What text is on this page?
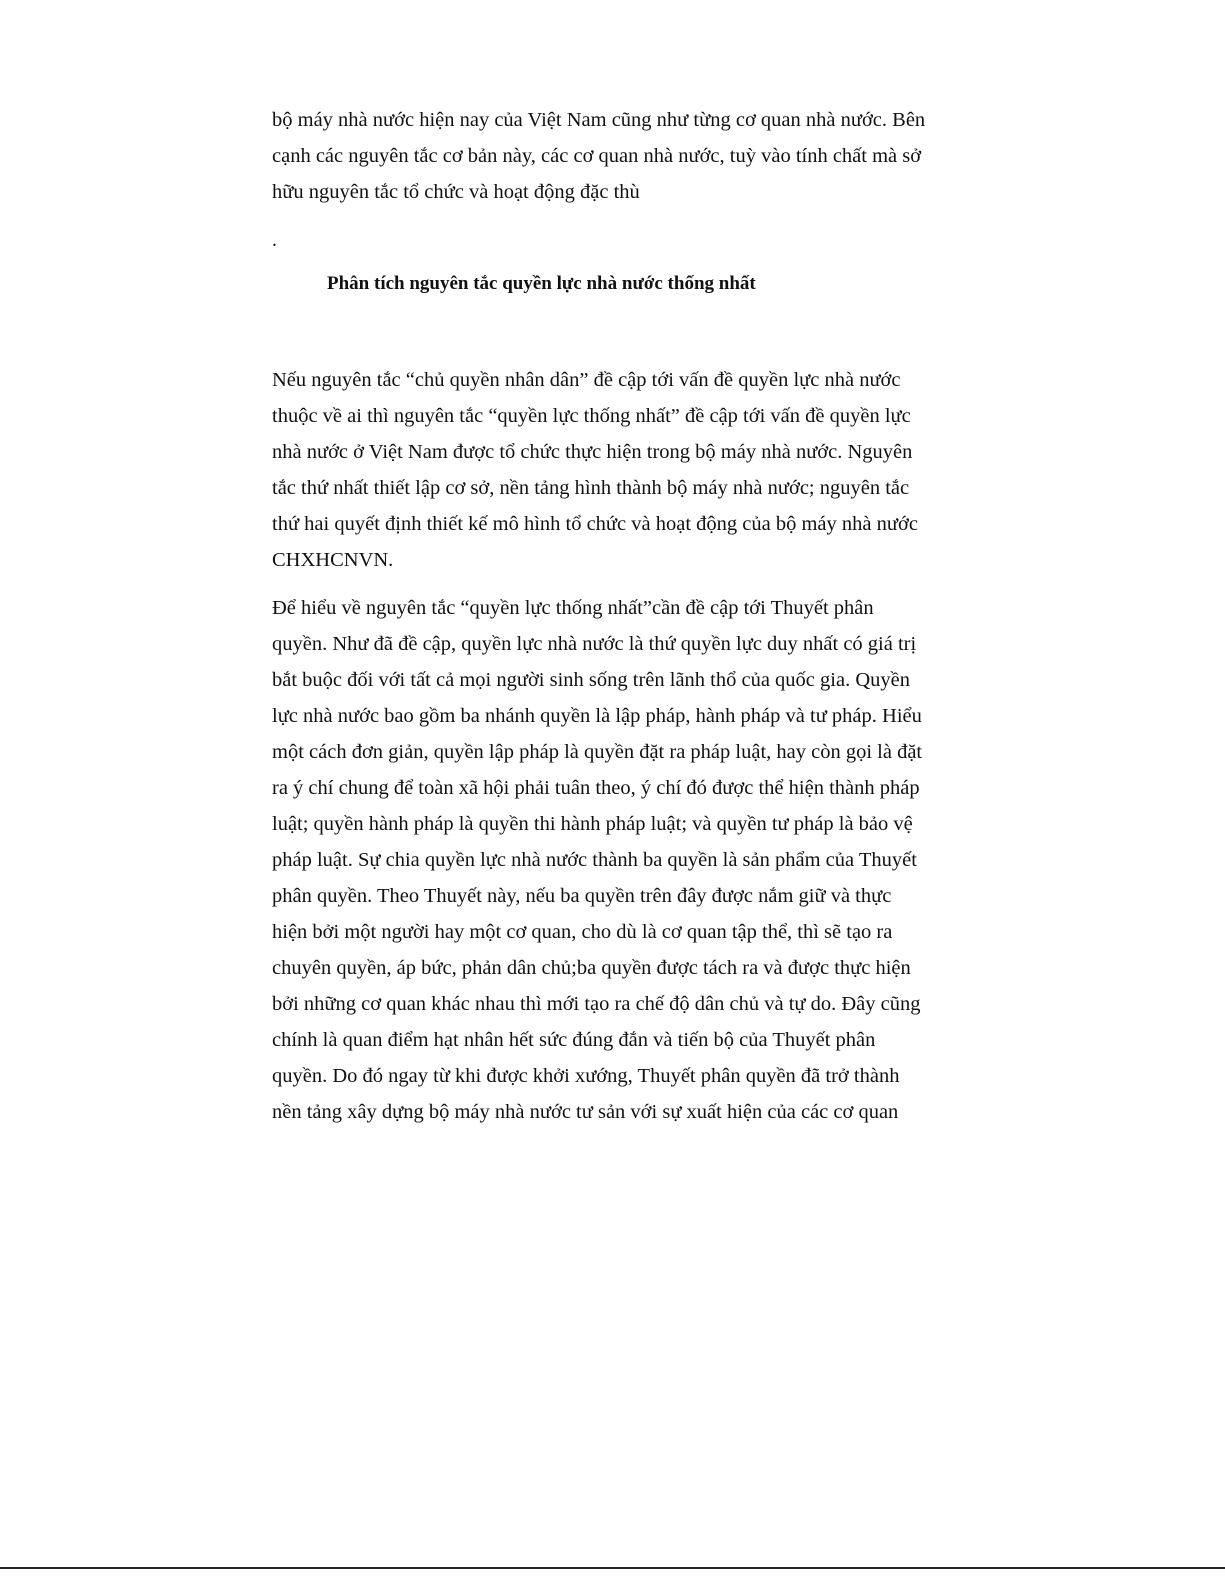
bộ máy nhà nước hiện nay của Việt Nam cũng như từng cơ quan nhà nước. Bên
cạnh các nguyên tắc cơ bản này, các cơ quan nhà nước, tuỳ vào tính chất mà sở
hữu nguyên tắc tổ chức và hoạt động đặc thù
.
Phân tích nguyên tắc quyền lực nhà nước thống nhất
Nếu nguyên tắc “chủ quyền nhân dân” đề cập tới vấn đề quyền lực nhà nước
thuộc về ai thì nguyên tắc “quyền lực thống nhất” đề cập tới vấn đề quyền lực
nhà nước ở Việt Nam được tổ chức thực hiện trong bộ máy nhà nước. Nguyên
tắc thứ nhất thiết lập cơ sở, nền tảng hình thành bộ máy nhà nước; nguyên tắc
thứ hai quyết định thiết kế mô hình tổ chức và hoạt động của bộ máy nhà nước
CHXHCNVN.
Để hiểu về nguyên tắc “quyền lực thống nhất”cần đề cập tới Thuyết phân
quyền. Như đã đề cập, quyền lực nhà nước là thứ quyền lực duy nhất có giá trị
bắt buộc đối với tất cả mọi người sinh sống trên lãnh thổ của quốc gia. Quyền
lực nhà nước bao gồm ba nhánh quyền là lập pháp, hành pháp và tư pháp. Hiểu
một cách đơn giản, quyền lập pháp là quyền đặt ra pháp luật, hay còn gọi là đặt
ra ý chí chung để toàn xã hội phải tuân theo, ý chí đó được thể hiện thành pháp
luật; quyền hành pháp là quyền thi hành pháp luật; và quyền tư pháp là bảo vệ
pháp luật. Sự chia quyền lực nhà nước thành ba quyền là sản phẩm của Thuyết
phân quyền. Theo Thuyết này, nếu ba quyền trên đây được nắm giữ và thực
hiện bởi một người hay một cơ quan, cho dù là cơ quan tập thể, thì sẽ tạo ra
chuyên quyền, áp bức, phản dân chủ;ba quyền được tách ra và được thực hiện
bởi những cơ quan khác nhau thì mới tạo ra chế độ dân chủ và tự do. Đây cũng
chính là quan điểm hạt nhân hết sức đúng đắn và tiến bộ của Thuyết phân
quyền. Do đó ngay từ khi được khởi xướng, Thuyết phân quyền đã trở thành
nền tảng xây dựng bộ máy nhà nước tư sản với sự xuất hiện của các cơ quan
